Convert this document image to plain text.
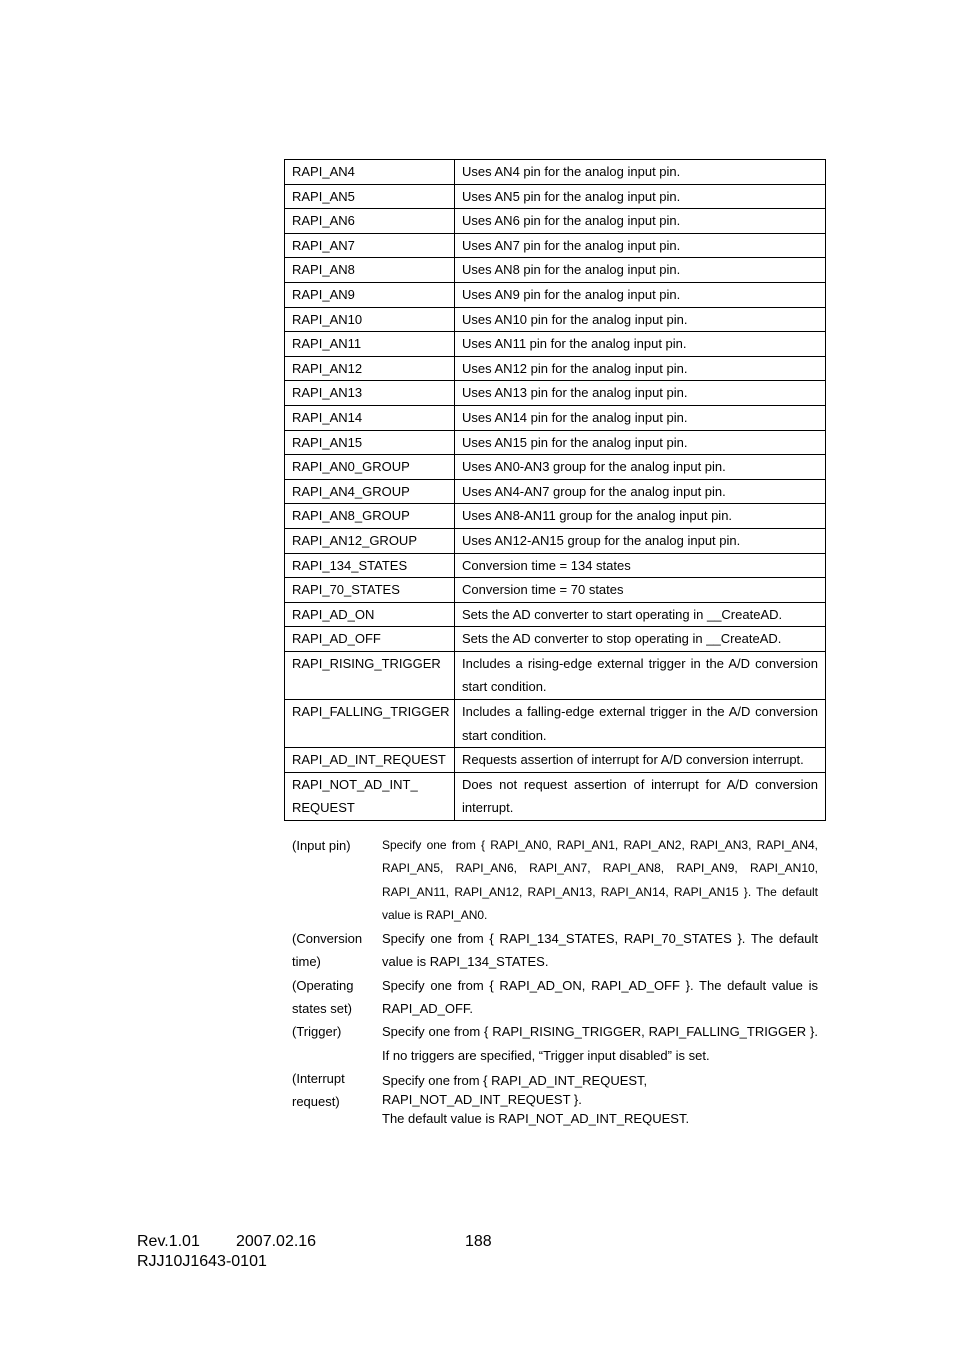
RAPI_AN4	Uses AN4 pin for the analog input pin.
RAPI_AN5	Uses AN5 pin for the analog input pin.
RAPI_AN6	Uses AN6 pin for the analog input pin.
RAPI_AN7	Uses AN7 pin for the analog input pin.
RAPI_AN8	Uses AN8 pin for the analog input pin.
RAPI_AN9	Uses AN9 pin for the analog input pin.
RAPI_AN10	Uses AN10 pin for the analog input pin.
RAPI_AN11	Uses AN11 pin for the analog input pin.
RAPI_AN12	Uses AN12 pin for the analog input pin.
RAPI_AN13	Uses AN13 pin for the analog input pin.
RAPI_AN14	Uses AN14 pin for the analog input pin.
RAPI_AN15	Uses AN15 pin for the analog input pin.
RAPI_AN0_GROUP	Uses AN0‑AN3 group for the analog input pin.
RAPI_AN4_GROUP	Uses AN4‑AN7 group for the analog input pin.
RAPI_AN8_GROUP	Uses AN8‑AN11 group for the analog input pin.
RAPI_AN12_GROUP	Uses AN12‑AN15 group for the analog input pin.
RAPI_134_STATES	Conversion time = 134 states
RAPI_70_STATES	Conversion time = 70 states
RAPI_AD_ON	Sets the AD converter to start operating in __CreateAD.
RAPI_AD_OFF	Sets the AD converter to stop operating in __CreateAD.
RAPI_RISING_TRIGGER	Includes a rising-edge external trigger in the A/D conversion start condition.
RAPI_FALLING_TRIGGER	Includes a falling-edge external trigger in the A/D conversion start condition.
RAPI_AD_INT_REQUEST	Requests assertion of interrupt for A/D conversion interrupt.
RAPI_NOT_AD_INT_
REQUEST	Does not request assertion of interrupt for A/D conversion interrupt.
(Input pin)	Specify one from { RAPI_AN0, RAPI_AN1, RAPI_AN2, RAPI_AN3, RAPI_AN4, RAPI_AN5, RAPI_AN6, RAPI_AN7, RAPI_AN8, RAPI_AN9, RAPI_AN10, RAPI_AN11, RAPI_AN12, RAPI_AN13, RAPI_AN14, RAPI_AN15 }. The default value is RAPI_AN0.
(Conversion time)	Specify one from { RAPI_134_STATES, RAPI_70_STATES }. The default value is RAPI_134_STATES.
(Operating states set)	Specify one from { RAPI_AD_ON, RAPI_AD_OFF }. The default value is RAPI_AD_OFF.
(Trigger)	Specify one from { RAPI_RISING_TRIGGER, RAPI_FALLING_TRIGGER }. If no triggers are specified, “Trigger input disabled” is set.
(Interrupt request)	Specify one from { RAPI_AD_INT_REQUEST,
RAPI_NOT_AD_INT_REQUEST }.
The default value is RAPI_NOT_AD_INT_REQUEST.
Rev.1.01 2007.02.16
RJJ10J1643-0101
188
